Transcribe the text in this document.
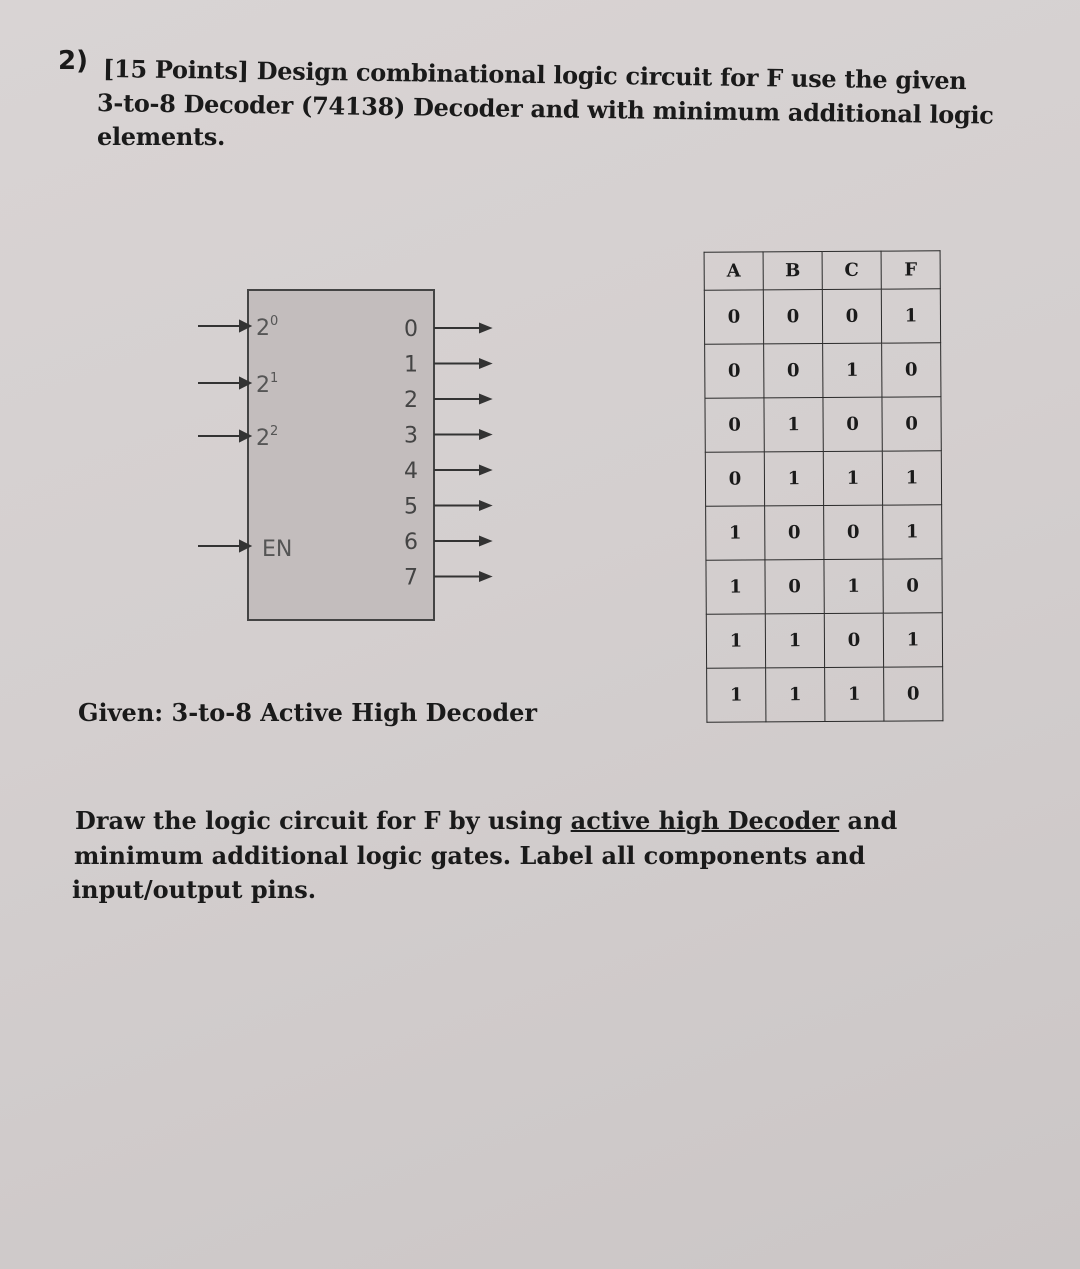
2) [15 Points] Design combinational logic circuit for F use the given
3-to-8 Decoder (74138) Decoder and with minimum additional logic
elements.
$2^0$
$2^1$
$2^2$
EN
0
1
2
3
4
5
6
7
Given: 3-to-8 Active High Decoder
A	B	C	F
0	0	0	1
0	0	1	0
0	1	0	0
0	1	1	1
1	0	0	1
1	0	1	0
1	1	0	1
1	1	1	0
Draw the logic circuit for F by using active high Decoder and
minimum additional logic gates. Label all components and
input/output pins.
